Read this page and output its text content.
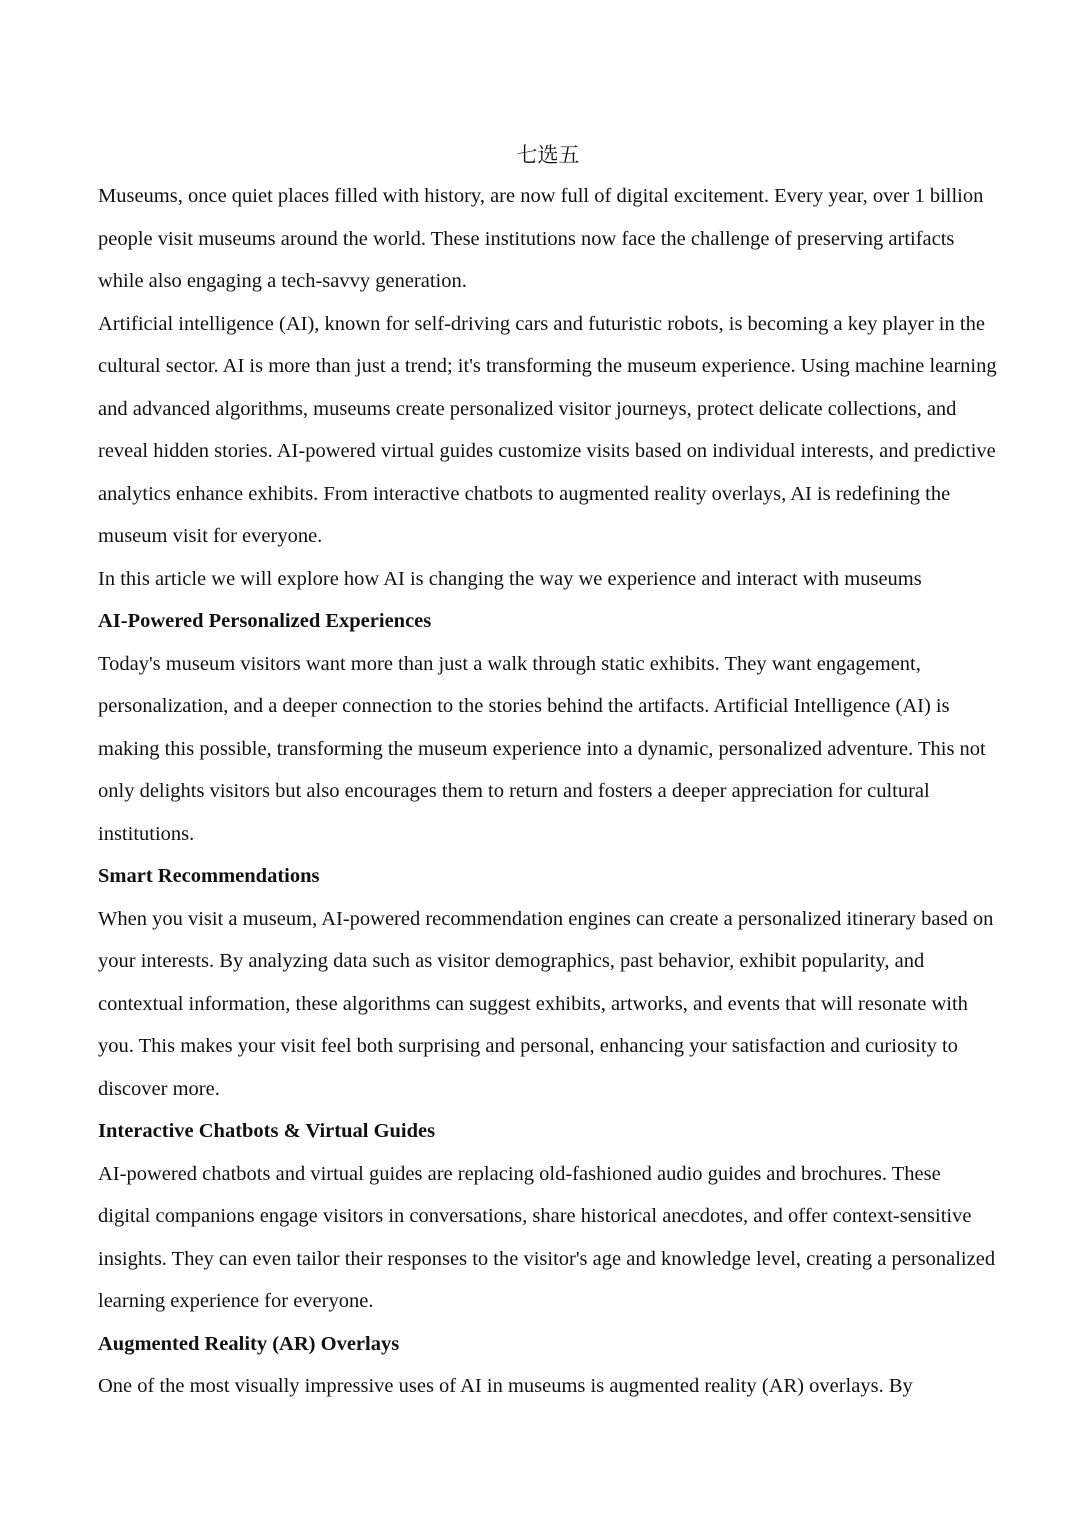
七选五

Museums, once quiet places filled with history, are now full of digital excitement. Every year, over 1 billion people visit museums around the world. These institutions now face the challenge of preserving artifacts while also engaging a tech-savvy generation.

Artificial intelligence (AI), known for self-driving cars and futuristic robots, is becoming a key player in the cultural sector. AI is more than just a trend; it's transforming the museum experience. Using machine learning and advanced algorithms, museums create personalized visitor journeys, protect delicate collections, and reveal hidden stories. AI-powered virtual guides customize visits based on individual interests, and predictive analytics enhance exhibits. From interactive chatbots to augmented reality overlays, AI is redefining the museum visit for everyone.

In this article we will explore how AI is changing the way we experience and interact with museums

AI-Powered Personalized Experiences

Today's museum visitors want more than just a walk through static exhibits. They want engagement, personalization, and a deeper connection to the stories behind the artifacts. Artificial Intelligence (AI) is making this possible, transforming the museum experience into a dynamic, personalized adventure. This not only delights visitors but also encourages them to return and fosters a deeper appreciation for cultural institutions.

Smart Recommendations

When you visit a museum, AI-powered recommendation engines can create a personalized itinerary based on your interests. By analyzing data such as visitor demographics, past behavior, exhibit popularity, and contextual information, these algorithms can suggest exhibits, artworks, and events that will resonate with you. This makes your visit feel both surprising and personal, enhancing your satisfaction and curiosity to discover more.

Interactive Chatbots & Virtual Guides

AI-powered chatbots and virtual guides are replacing old-fashioned audio guides and brochures. These digital companions engage visitors in conversations, share historical anecdotes, and offer context-sensitive insights. They can even tailor their responses to the visitor's age and knowledge level, creating a personalized learning experience for everyone.

Augmented Reality (AR) Overlays

One of the most visually impressive uses of AI in museums is augmented reality (AR) overlays. By
